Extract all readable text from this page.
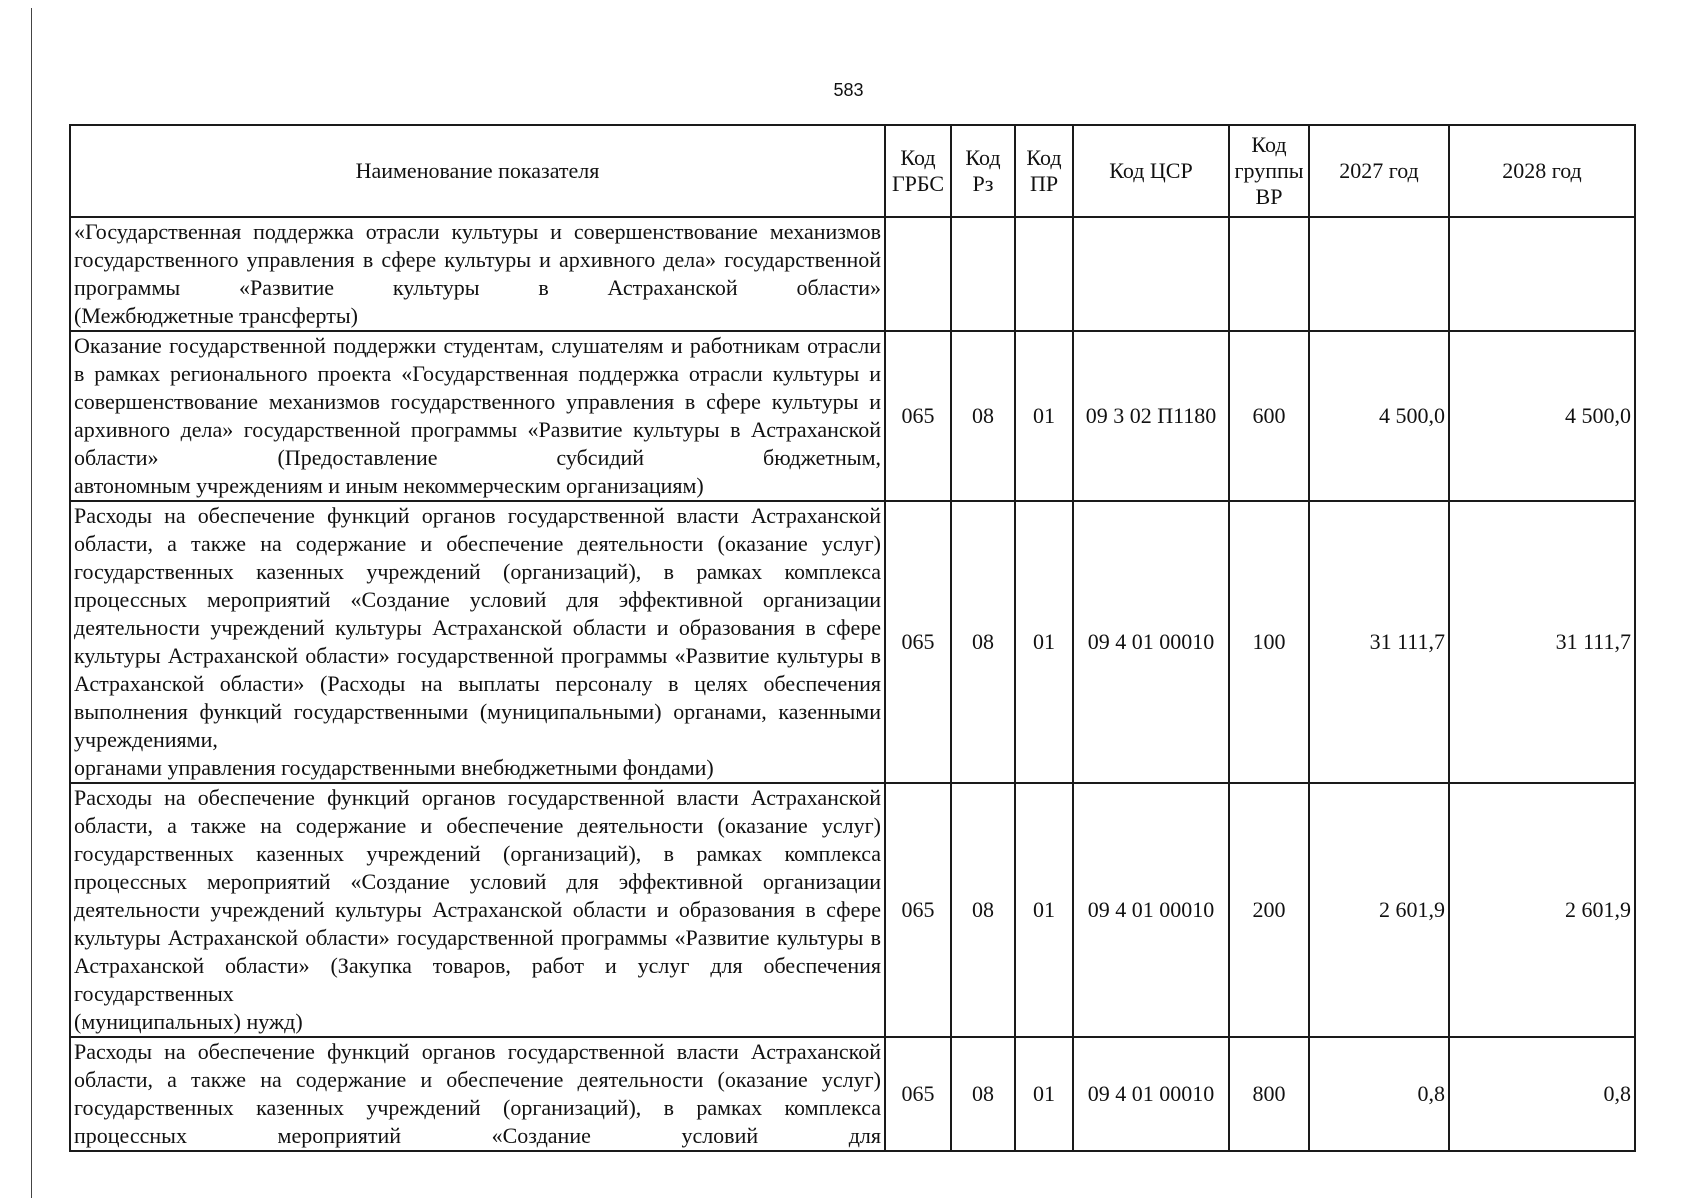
583
Наименование показателя	Код ГРБС	Код Рз	Код ПР	Код ЦСР	Код группы ВР	2027 год	2028 год
«Государственная поддержка отрасли культуры и совершенствование механизмов государственного управления в сфере культуры и архивного дела» государственной программы «Развитие культуры в Астраханской области»
(Межбюджетные трансферты)							

Оказание государственной поддержки студентам, слушателям и работникам отрасли в рамках регионального проекта «Государственная поддержка отрасли культуры и совершенствование механизмов государственного управления в сфере культуры и архивного дела» государственной программы «Развитие культуры в Астраханской области» (Предоставление субсидий бюджетным,
автономным учреждениям и иным некоммерческим организациям)	065	08	01	09 3 02 П1180	600	4 500,0	4 500,0
Расходы на обеспечение функций органов государственной власти Астраханской области, а также на содержание и обеспечение деятельности (оказание услуг) государственных казенных учреждений (организаций), в рамках комплекса процессных мероприятий «Создание условий для эффективной организации деятельности учреждений культуры Астраханской области и образования в сфере культуры Астраханской области» государственной программы «Развитие культуры в Астраханской области» (Расходы на выплаты персоналу в целях обеспечения выполнения функций государственными (муниципальными) органами, казенными учреждениями,
органами управления государственными внебюджетными фондами)	065	08	01	09 4 01 00010	100	31 111,7	31 111,7
Расходы на обеспечение функций органов государственной власти Астраханской области, а также на содержание и обеспечение деятельности (оказание услуг) государственных казенных учреждений (организаций), в рамках комплекса процессных мероприятий «Создание условий для эффективной организации деятельности учреждений культуры Астраханской области и образования в сфере культуры Астраханской области» государственной программы «Развитие культуры в Астраханской области» (Закупка товаров, работ и услуг для обеспечения государственных
(муниципальных) нужд)	065	08	01	09 4 01 00010	200	2 601,9	2 601,9
Расходы на обеспечение функций органов государственной власти Астраханской области, а также на содержание и обеспечение деятельности (оказание услуг) государственных казенных учреждений (организаций), в рамках комплекса процессных мероприятий «Создание условий для	065	08	01	09 4 01 00010	800	0,8	0,8
